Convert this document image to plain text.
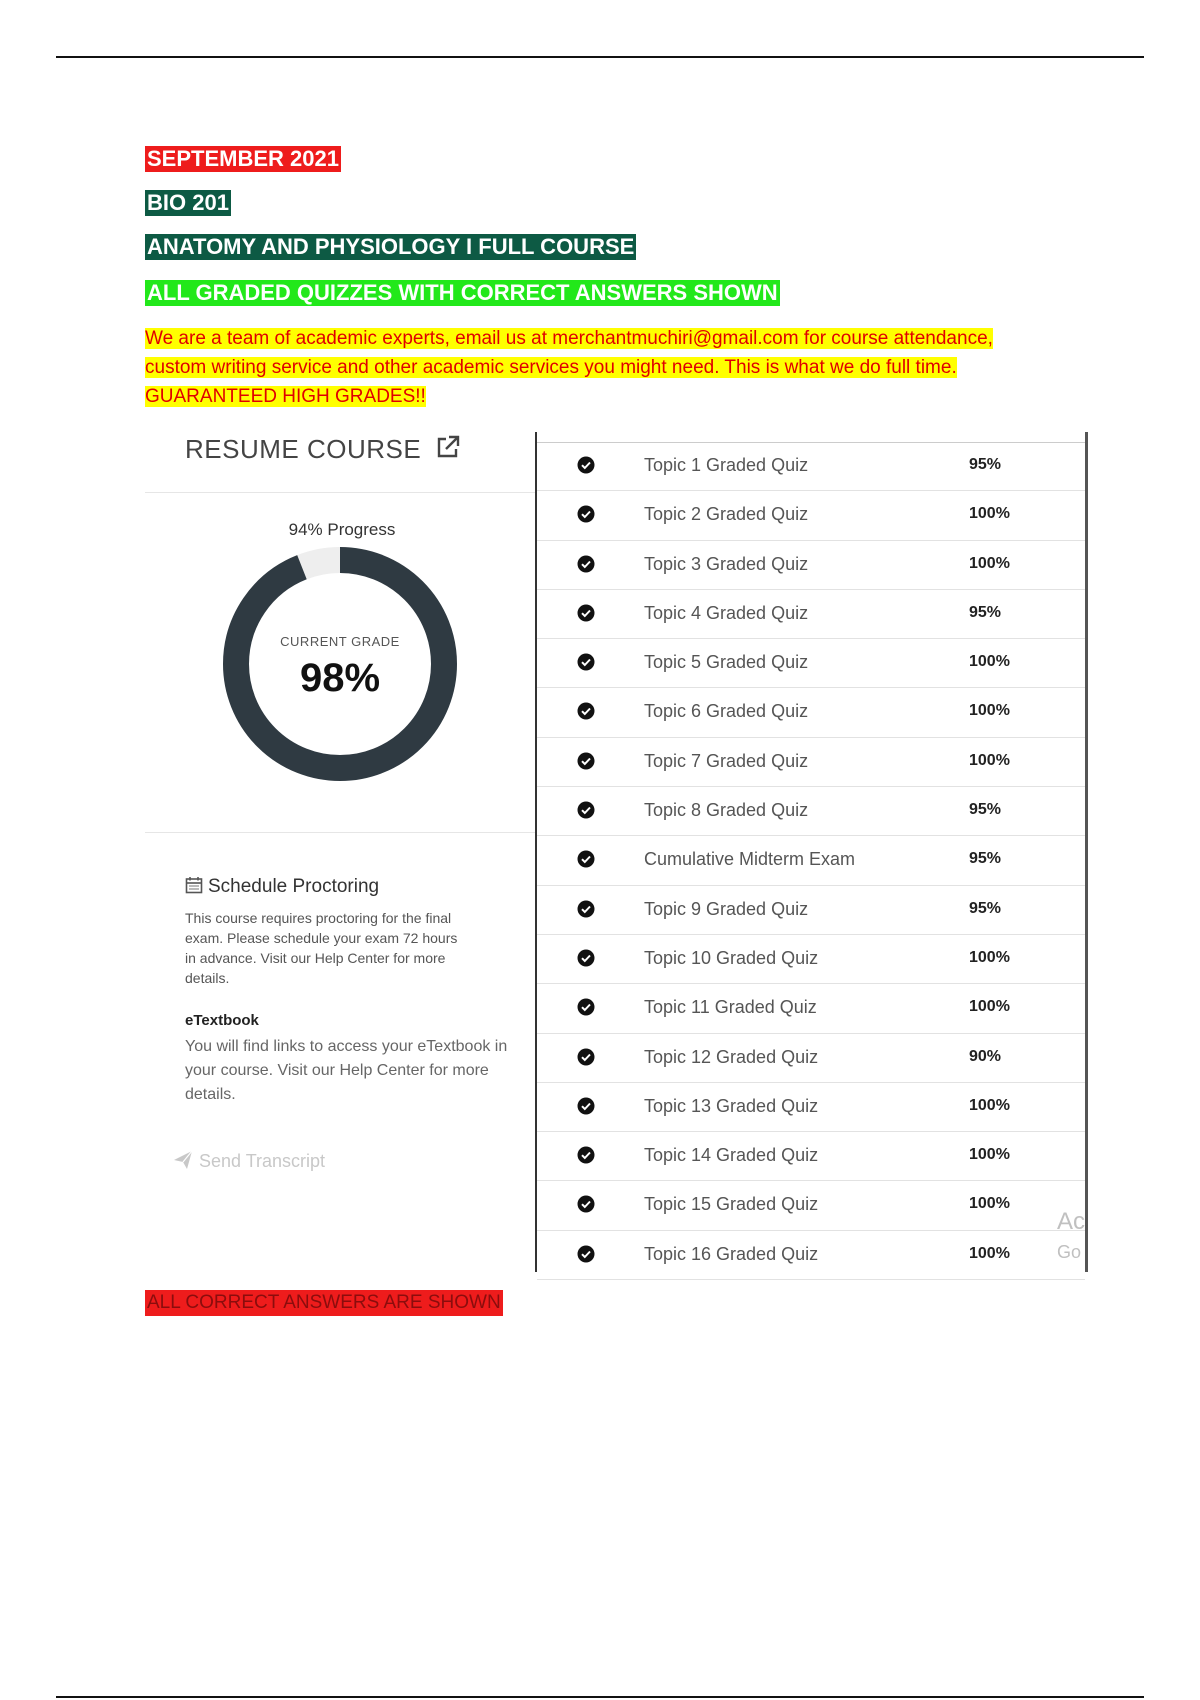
SEPTEMBER 2021
BIO 201
ANATOMY AND PHYSIOLOGY I FULL COURSE
ALL GRADED QUIZZES WITH CORRECT ANSWERS SHOWN
We are a team of academic experts, email us at merchantmuchiri@gmail.com for course attendance,
custom writing service and other academic services you might need. This is what we do full time.
GUARANTEED HIGH GRADES!!
RESUME COURSE
94% Progress
CURRENT GRADE
98%
Schedule Proctoring
This course requires proctoring for the final exam. Please schedule your exam 72 hours in advance. Visit our Help Center for more details.
eTextbook
You will find links to access your eTextbook in your course. Visit our Help Center for more details.
Send Transcript
Topic 1 Graded Quiz	95%
Topic 2 Graded Quiz	100%
Topic 3 Graded Quiz	100%
Topic 4 Graded Quiz	95%
Topic 5 Graded Quiz	100%
Topic 6 Graded Quiz	100%
Topic 7 Graded Quiz	100%
Topic 8 Graded Quiz	95%
Cumulative Midterm Exam	95%
Topic 9 Graded Quiz	95%
Topic 10 Graded Quiz	100%
Topic 11 Graded Quiz	100%
Topic 12 Graded Quiz	90%
Topic 13 Graded Quiz	100%
Topic 14 Graded Quiz	100%
Topic 15 Graded Quiz	100%
Topic 16 Graded Quiz	100%
Ac
Go
ALL CORRECT ANSWERS ARE SHOWN
